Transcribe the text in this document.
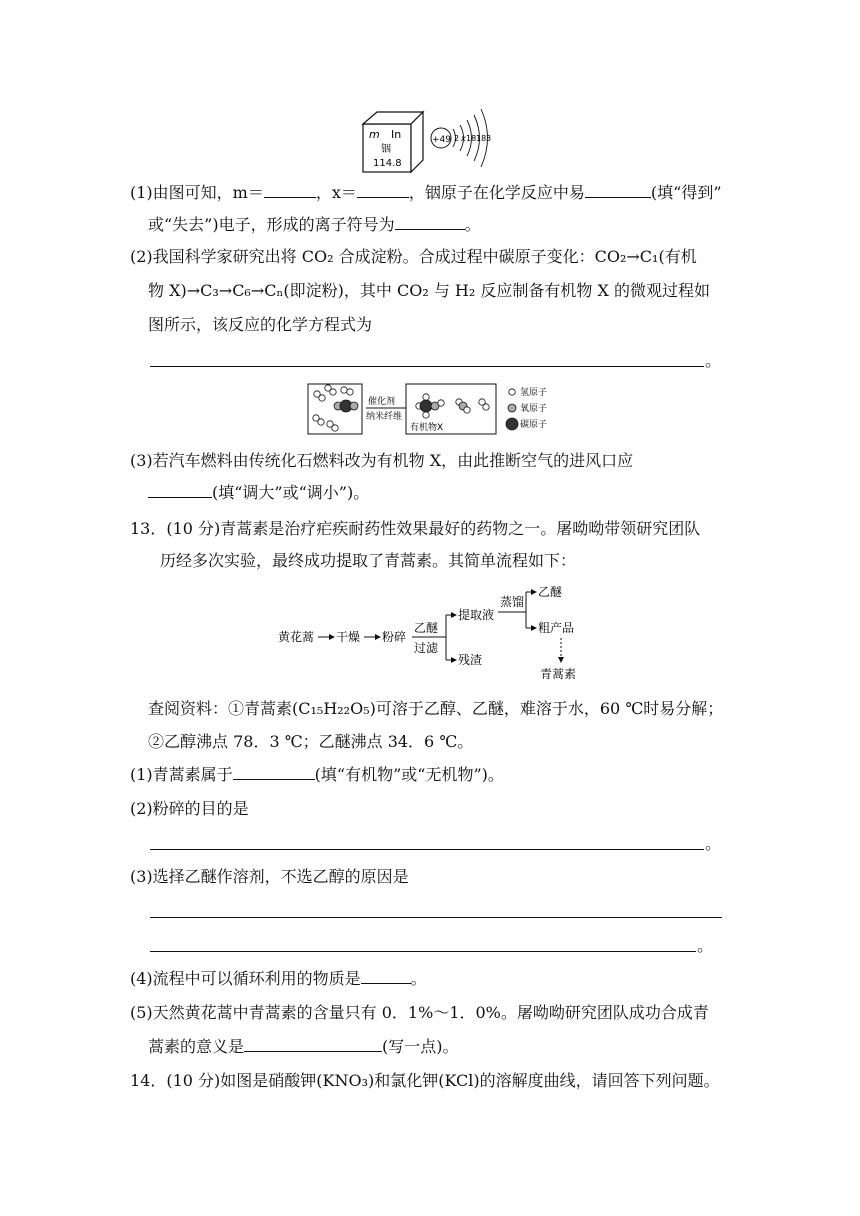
m In
铟
114.8
+49 2 x 18 18 3
(1)由图可知，m＝	，x＝	，铟原子在化学反应中易	(填“得到”
或“失去”)电子，形成的离子符号为	。
(2)我国科学家研究出将 CO₂ 合成淀粉。合成过程中碳原子变化：CO₂→C₁(有机
物 X)→C₃→C₆→Cₙ(即淀粉)，其中 CO₂ 与 H₂ 反应制备有机物 X 的微观过程如
图所示，该反应的化学方程式为
。
催化剂
纳米纤维
有机物X
氢原子
氧原子
碳原子
(3)若汽车燃料由传统化石燃料改为有机物 X，由此推断空气的进风口应
(填“调大”或“调小”)。
13．(10 分)青蒿素是治疗疟疾耐药性效果最好的药物之一。屠呦呦带领研究团队
历经多次实验，最终成功提取了青蒿素。其简单流程如下：
黄花蒿 干燥 粉碎
乙醚
过滤
提取液
残渣
蒸馏
乙醚
粗产品
青蒿素
查阅资料：①青蒿素(C₁₅H₂₂O₅)可溶于乙醇、乙醚，难溶于水，60 ℃时易分解；
②乙醇沸点 78．3 ℃；乙醚沸点 34．6 ℃。
(1)青蒿素属于	(填“有机物”或“无机物”)。
(2)粉碎的目的是
。
(3)选择乙醚作溶剂，不选乙醇的原因是
。
(4)流程中可以循环利用的物质是	。
(5)天然黄花蒿中青蒿素的含量只有 0．1%～1．0%。屠呦呦研究团队成功合成青
蒿素的意义是	(写一点)。
14．(10 分)如图是硝酸钾(KNO₃)和氯化钾(KCl)的溶解度曲线，请回答下列问题。
